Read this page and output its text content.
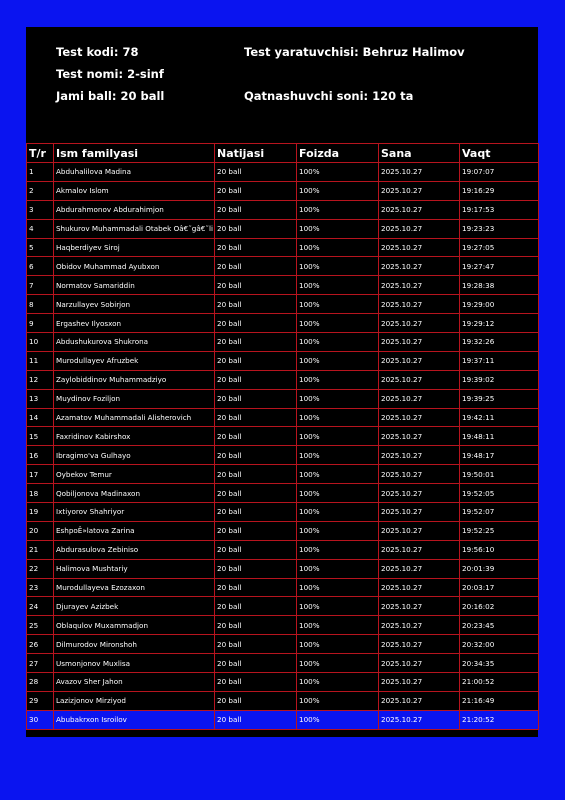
Test kodi: 78	Test yaratuvchisi: Behruz Halimov
Test nomi: 2-sinf
Jami ball: 20 ball	Qatnashuvchi soni: 120 ta
T/r	Ism familyasi	Natijasi	Foizda	Sana	Vaqt
1	Abduhalilova Madina	20 ball	100%	2025.10.27	19:07:07
2	Akmalov Islom	20 ball	100%	2025.10.27	19:16:29
3	Abdurahmonov Abdurahimjon	20 ball	100%	2025.10.27	19:17:53
4	Shukurov Muhammadali Otabek Oâ€˜gâ€˜li	20 ball	100%	2025.10.27	19:23:23
5	Haqberdiyev Siroj	20 ball	100%	2025.10.27	19:27:05
6	Obidov Muhammad Ayubxon	20 ball	100%	2025.10.27	19:27:47
7	Normatov Samariddin	20 ball	100%	2025.10.27	19:28:38
8	Narzullayev Sobirjon	20 ball	100%	2025.10.27	19:29:00
9	Ergashev Ilyosxon	20 ball	100%	2025.10.27	19:29:12
10	Abdushukurova Shukrona	20 ball	100%	2025.10.27	19:32:26
11	Murodullayev Afruzbek	20 ball	100%	2025.10.27	19:37:11
12	Zaylobiddinov Muhammadziyo	20 ball	100%	2025.10.27	19:39:02
13	Muydinov Foziljon	20 ball	100%	2025.10.27	19:39:25
14	Azamatov Muhammadali Alisherovich	20 ball	100%	2025.10.27	19:42:11
15	Faxridinov Kabirshox	20 ball	100%	2025.10.27	19:48:11
16	Ibragimo'va Gulhayo	20 ball	100%	2025.10.27	19:48:17
17	Oybekov Temur	20 ball	100%	2025.10.27	19:50:01
18	Qobiljonova Madinaxon	20 ball	100%	2025.10.27	19:52:05
19	Ixtiyorov Shahriyor	20 ball	100%	2025.10.27	19:52:07
20	EshpoÊ»latova Zarina	20 ball	100%	2025.10.27	19:52:25
21	Abdurasulova Zebiniso	20 ball	100%	2025.10.27	19:56:10
22	Halimova Mushtariy	20 ball	100%	2025.10.27	20:01:39
23	Murodullayeva Ezozaxon	20 ball	100%	2025.10.27	20:03:17
24	Djurayev Azizbek	20 ball	100%	2025.10.27	20:16:02
25	Oblaqulov Muxammadjon	20 ball	100%	2025.10.27	20:23:45
26	Dilmurodov Mironshoh	20 ball	100%	2025.10.27	20:32:00
27	Usmonjonov Muxlisa	20 ball	100%	2025.10.27	20:34:35
28	Avazov Sher Jahon	20 ball	100%	2025.10.27	21:00:52
29	Lazizjonov Mirziyod	20 ball	100%	2025.10.27	21:16:49
30	Abubakrxon Isroilov	20 ball	100%	2025.10.27	21:20:52
